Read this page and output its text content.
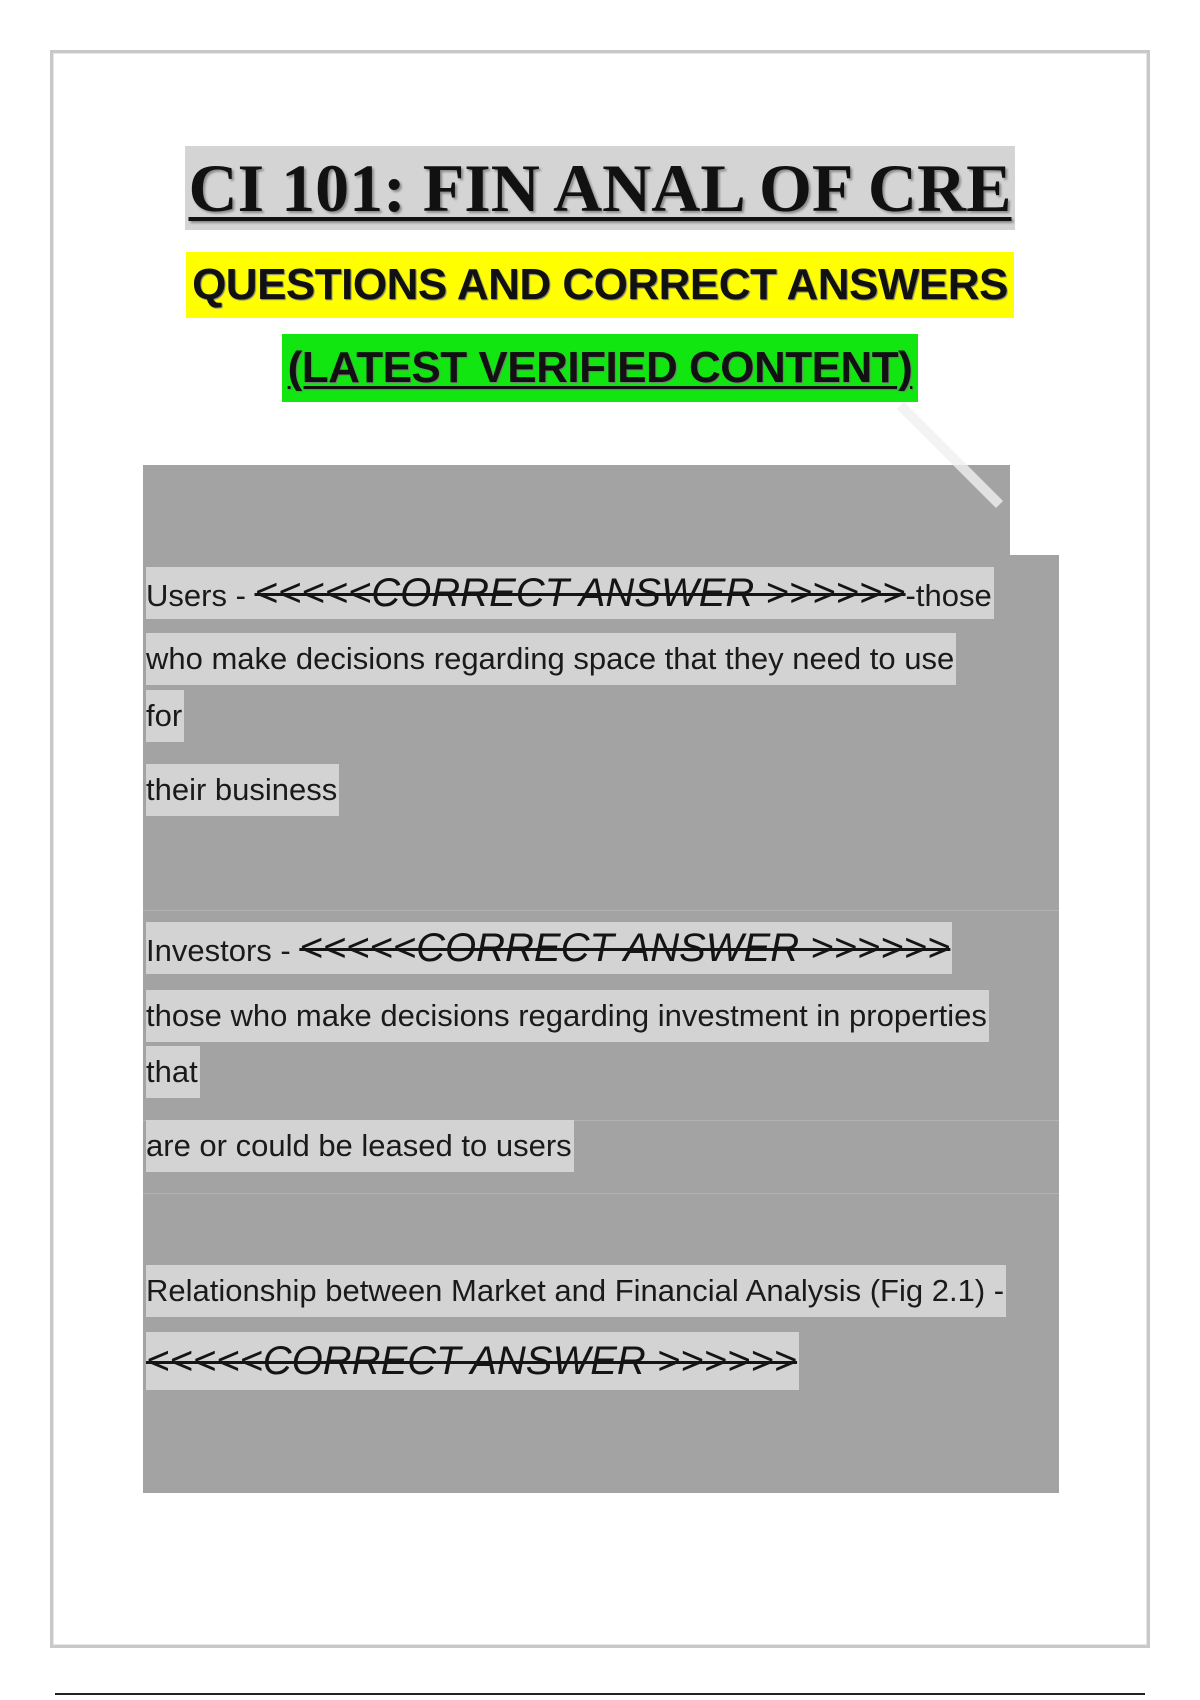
CI 101: FIN ANAL OF CRE
QUESTIONS AND CORRECT ANSWERS
(LATEST VERIFIED CONTENT)
Users - <<<<<CORRECT ANSWER >>>>>>-those
who make decisions regarding space that they need to use
for
their business
Investors - <<<<<CORRECT ANSWER >>>>>>
those who make decisions regarding investment in properties
that
are or could be leased to users
Relationship between Market and Financial Analysis (Fig 2.1) -
<<<<<CORRECT ANSWER >>>>>>
